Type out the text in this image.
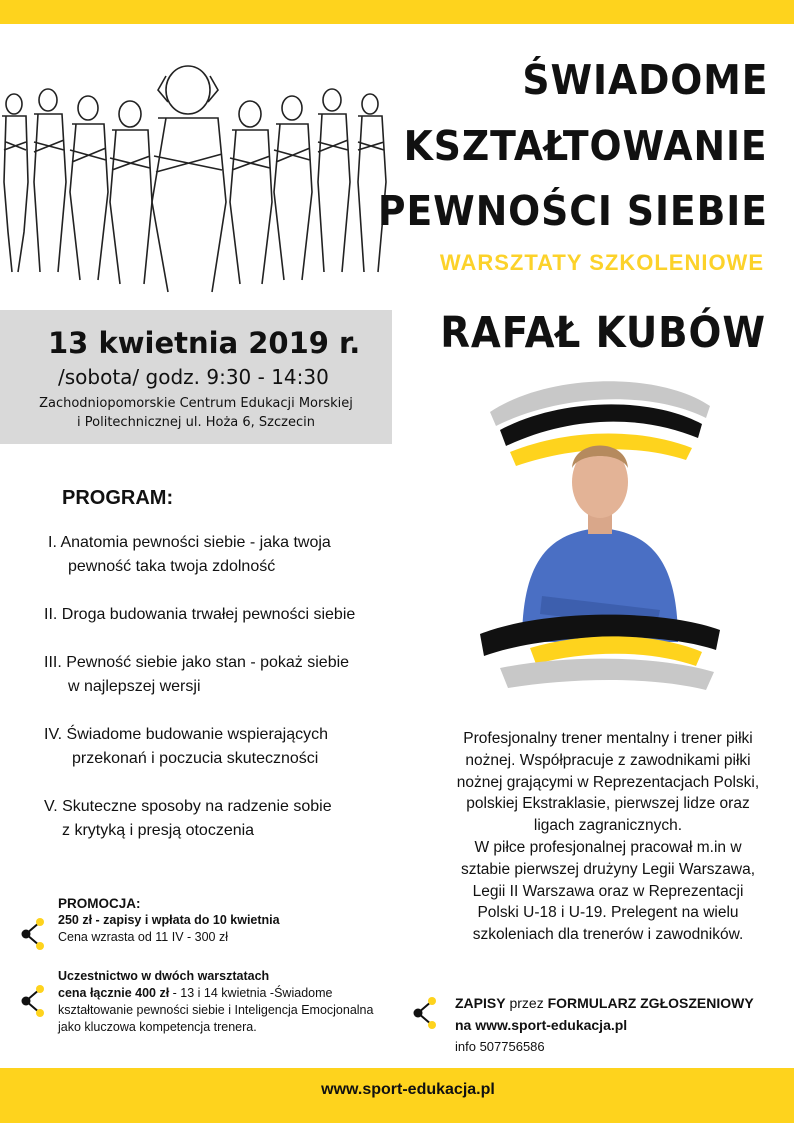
ŚWIADOME
KSZTAŁTOWANIE
PEWNOŚCI SIEBIE
WARSZTATY SZKOLENIOWE
RAFAŁ KUBÓW
13 kwietnia 2019 r.
/sobota/ godz. 9:30 - 14:30
Zachodniopomorskie Centrum Edukacji Morskiej
i Politechnicznej ul. Hoża 6, Szczecin
PROGRAM:
I. Anatomia pewności siebie - jaka twoja
pewność taka twoja zdolność
II. Droga budowania trwałej pewności siebie
III. Pewność siebie jako stan - pokaż siebie
w najlepszej wersji
IV. Świadome budowanie wspierających
przekonań i poczucia skuteczności
V. Skuteczne sposoby na radzenie sobie
z krytyką i presją otoczenia
Profesjonalny trener mentalny i trener piłki
nożnej. Współpracuje z zawodnikami piłki
nożnej grającymi w Reprezentacjach Polski,
polskiej Ekstraklasie, pierwszej lidze oraz
ligach zagranicznych.
W piłce profesjonalnej pracował m.in w
sztabie pierwszej drużyny Legii Warszawa,
Legii II Warszawa oraz w Reprezentacji
Polski U-18 i U-19. Prelegent na wielu
szkoleniach dla trenerów i zawodników.
PROMOCJA:
250 zł - zapisy i wpłata do 10 kwietnia
Cena wzrasta od 11 IV - 300 zł
Uczestnictwo w dwóch warsztatach
cena łącznie 400 zł - 13 i 14 kwietnia -Świadome
kształtowanie pewności siebie i Inteligencja Emocjonalna
jako kluczowa kompetencja trenera.
ZAPISY przez FORMULARZ ZGŁOSZENIOWY
na www.sport-edukacja.pl
info 507756586
www.sport-edukacja.pl
